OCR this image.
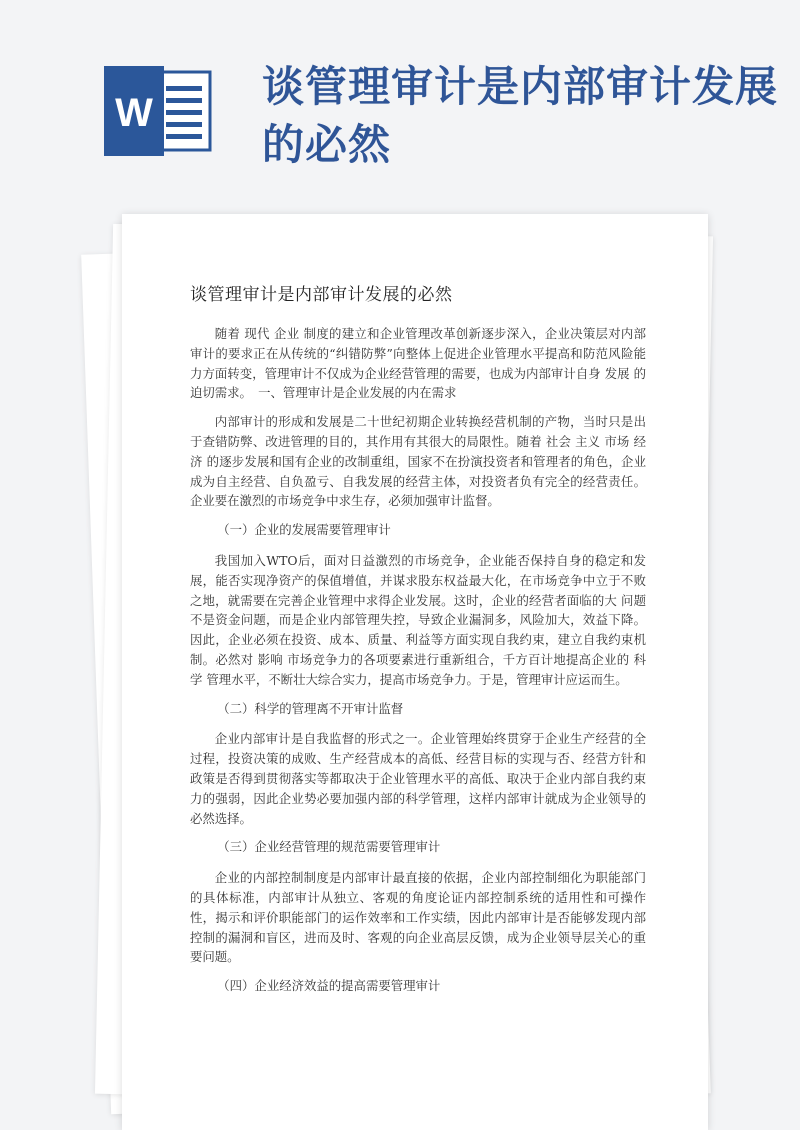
W
谈管理审计是内部审计发展的必然
谈管理审计是内部审计发展的必然

随着 现代 企业 制度的建立和企业管理改革创新逐步深入，企业决策层对内部审计的要求正在从传统的“纠错防弊”向整体上促进企业管理水平提高和防范风险能力方面转变，管理审计不仅成为企业经营管理的需要，也成为内部审计自身 发展 的迫切需求。　一、管理审计是企业发展的内在需求

内部审计的形成和发展是二十世纪初期企业转换经营机制的产物，当时只是出于查错防弊、改进管理的目的，其作用有其很大的局限性。随着 社会 主义 市场 经济 的逐步发展和国有企业的改制重组，国家不在扮演投资者和管理者的角色，企业成为自主经营、自负盈亏、自我发展的经营主体，对投资者负有完全的经营责任。企业要在激烈的市场竞争中求生存，必须加强审计监督。

（一）企业的发展需要管理审计

我国加入WTO后，面对日益激烈的市场竞争，企业能否保持自身的稳定和发展，能否实现净资产的保值增值，并谋求股东权益最大化，在市场竞争中立于不败之地，就需要在完善企业管理中求得企业发展。这时，企业的经营者面临的大 问题 不是资金问题，而是企业内部管理失控，导致企业漏洞多，风险加大，效益下降。因此，企业必须在投资、成本、质量、利益等方面实现自我约束，建立自我约束机制。必然对 影响 市场竞争力的各项要素进行重新组合，千方百计地提高企业的 科学 管理水平，不断壮大综合实力，提高市场竞争力。于是，管理审计应运而生。

（二）科学的管理离不开审计监督

企业内部审计是自我监督的形式之一。企业管理始终贯穿于企业生产经营的全过程，投资决策的成败、生产经营成本的高低、经营目标的实现与否、经营方针和政策是否得到贯彻落实等都取决于企业管理水平的高低、取决于企业内部自我约束力的强弱，因此企业势必要加强内部的科学管理，这样内部审计就成为企业领导的必然选择。

（三）企业经营管理的规范需要管理审计

企业的内部控制制度是内部审计最直接的依据，企业内部控制细化为职能部门的具体标准，内部审计从独立、客观的角度论证内部控制系统的适用性和可操作性，揭示和评价职能部门的运作效率和工作实绩，因此内部审计是否能够发现内部控制的漏洞和盲区，进而及时、客观的向企业高层反馈，成为企业领导层关心的重要问题。

（四）企业经济效益的提高需要管理审计
